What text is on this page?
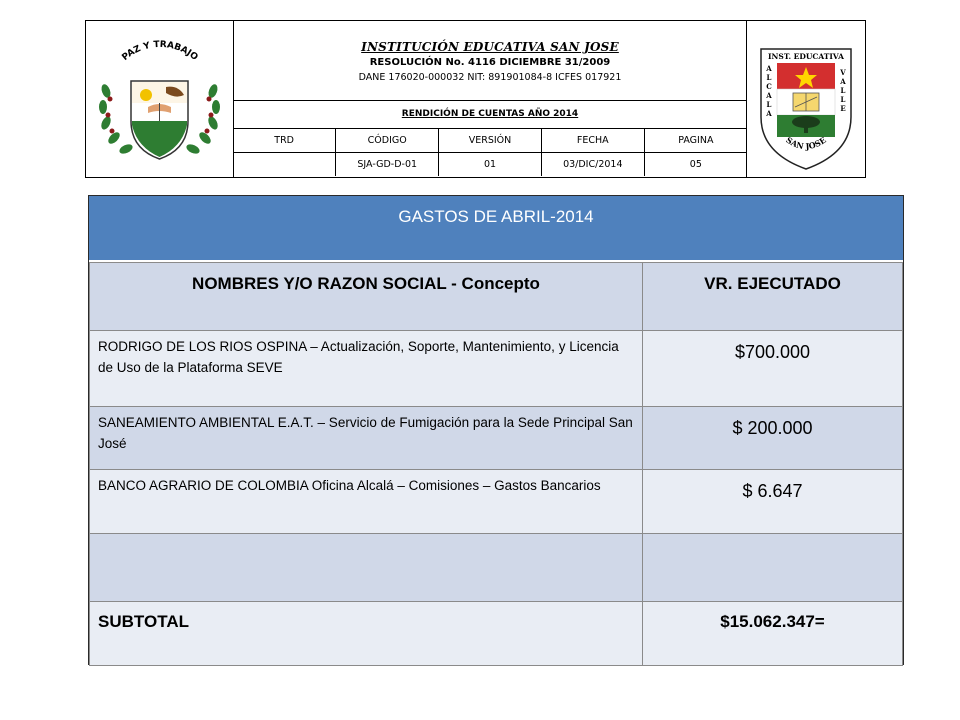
PAZ Y TRABAJO
INSTITUCIÓN EDUCATIVA SAN JOSE
RESOLUCIÓN No. 4116 DICIEMBRE 31/2009
DANE 176020-000032 NIT: 891901084-8 ICFES 017921
RENDICIÓN DE CUENTAS AÑO 2014
TRD	CÓDIGO	VERSIÓN	FECHA	PAGINA
	SJA-GD-D-01	01	03/DIC/2014	05
INST. EDUCATIVA
A
L
C
A
L
A
V
A
L
L
E
SAN JOSE
GASTOS DE ABRIL-2014
NOMBRES Y/O RAZON SOCIAL - Concepto	VR. EJECUTADO

RODRIGO DE LOS RIOS OSPINA – Actualización, Soporte, Mantenimiento, y Licencia de Uso de la Plataforma SEVE	$700.000

SANEAMIENTO AMBIENTAL E.A.T. – Servicio de Fumigación para la Sede Principal San José	$ 200.000

BANCO AGRARIO DE COLOMBIA Oficina Alcalá – Comisiones – Gastos Bancarios	$ 6.647

SUBTOTAL	$15.062.347=
